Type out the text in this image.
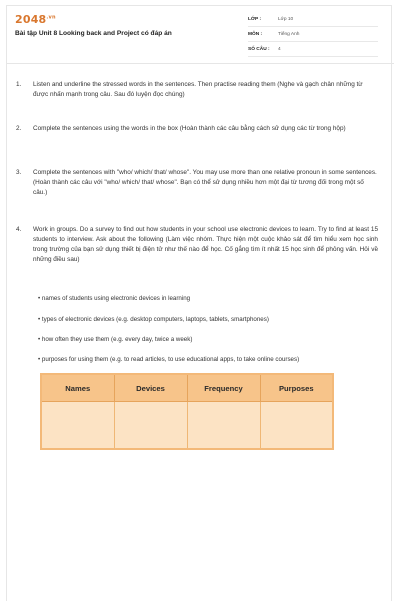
$2048^{.vn}$
Bài tập Unit 8 Looking back and Project có đáp án
LỚP :	Lớp 10
MÔN :	Tiếng Anh
SỐ CÂU :	4
1.	Listen and underline the stressed words in the sentences. Then practise reading them (Nghe và gạch chân những từ được nhấn mạnh trong câu. Sau đó luyện đọc chúng)
2.	Complete the sentences using the words in the box (Hoàn thành các câu bằng cách sử dụng các từ trong hộp)
3.	Complete the sentences with "who/ which/ that/ whose". You may use more than one relative pronoun in some sentences. (Hoàn thành các câu với "who/ which/ that/ whose". Bạn có thể sử dụng nhiều hơn một đại từ tương đối trong một số câu.)
4.	Work in groups. Do a survey to find out how students in your school use electronic devices to learn. Try to find at least 15 students to interview. Ask about the following (Làm việc nhóm. Thực hiện một cuộc khảo sát để tìm hiểu xem học sinh trong trường của bạn sử dụng thiết bị điện tử như thế nào để học. Cố gắng tìm ít nhất 15 học sinh để phỏng vấn. Hỏi về những điều sau)
• names of students using electronic devices in learning
• types of electronic devices (e.g. desktop computers, laptops, tablets, smartphones)
• how often they use them (e.g. every day, twice a week)
• purposes for using them (e.g. to read articles, to use educational apps, to take online courses)
Names	Devices	Frequency	Purposes
